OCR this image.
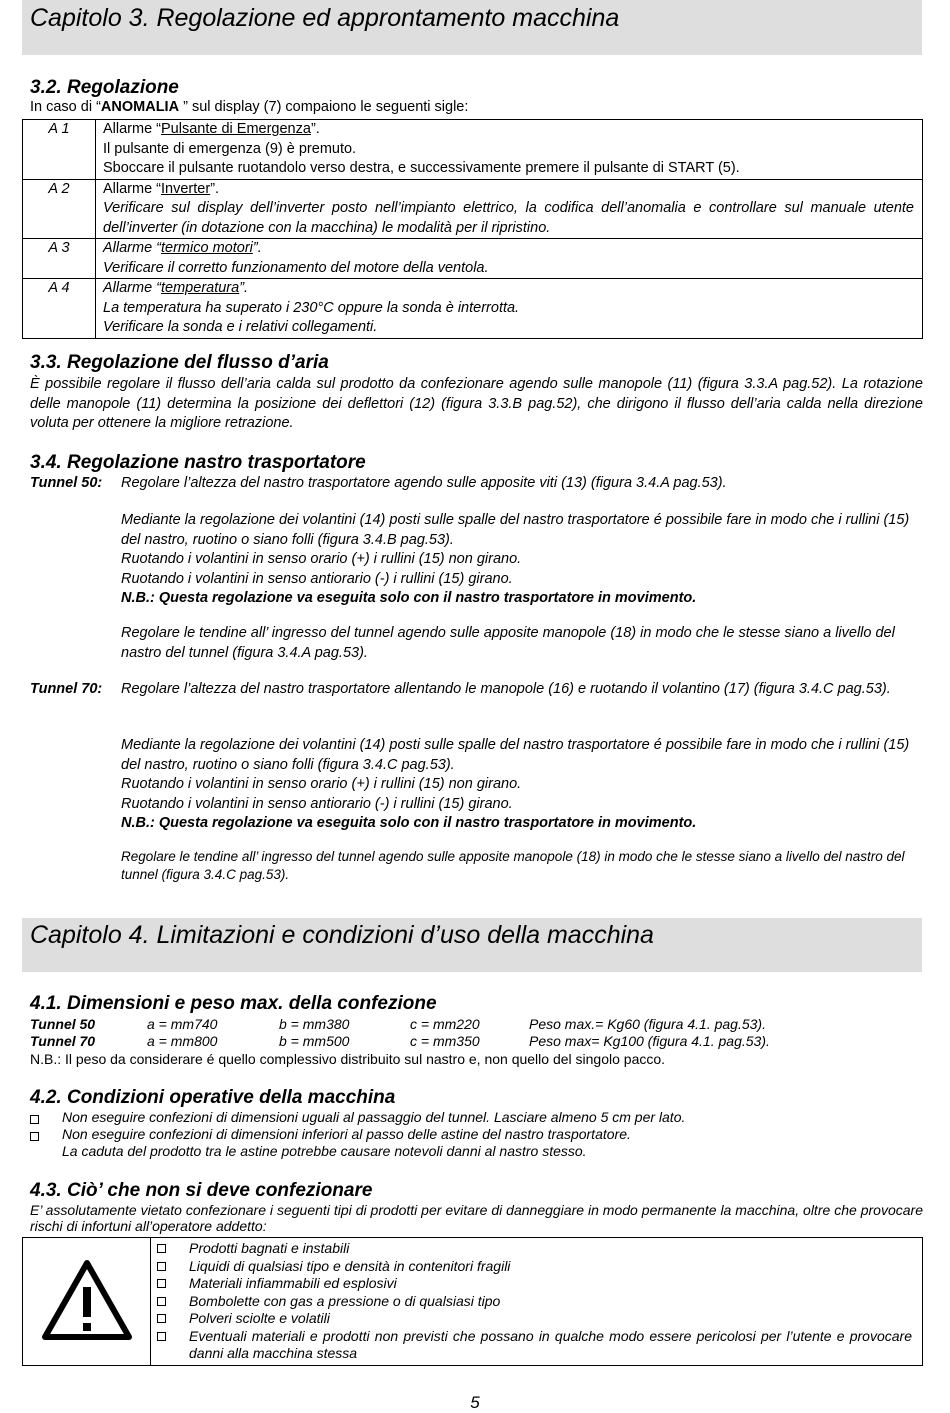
Capitolo 3. Regolazione ed approntamento macchina
3.2. Regolazione
In caso di “ANOMALIA ” sul display (7) compaiono le seguenti sigle:
A 1	Allarme “Pulsante di Emergenza”.
Il pulsante di emergenza (9) è premuto.
Sboccare il pulsante ruotandolo verso destra, e successivamente premere il pulsante di START (5).

A 2	Allarme “Inverter”.
Verificare sul display dell’inverter posto nell’impianto elettrico, la codifica dell’anomalia e controllare sul manuale utente dell’inverter (in dotazione con la macchina) le modalità per il ripristino.

A 3	Allarme “termico motori”.
Verificare il corretto funzionamento del motore della ventola.

A 4	Allarme “temperatura”.
La temperatura ha superato i 230°C oppure la sonda è interrotta.
Verificare la sonda e i relativi collegamenti.
3.3. Regolazione del flusso d’aria
È possibile regolare il flusso dell’aria calda sul prodotto da confezionare agendo sulle manopole (11) (figura 3.3.A pag.52). La rotazione delle manopole (11) determina la posizione dei deflettori (12) (figura 3.3.B pag.52), che dirigono il flusso dell’aria calda nella direzione voluta per ottenere la migliore retrazione.
3.4. Regolazione nastro trasportatore
Tunnel 50: Regolare l’altezza del nastro trasportatore agendo sulle apposite viti (13) (figura 3.4.A pag.53).
Mediante la regolazione dei volantini (14) posti sulle spalle del nastro trasportatore é possibile fare in modo che i rullini (15) del nastro, ruotino o siano folli (figura 3.4.B pag.53).
Ruotando i volantini in senso orario (+) i rullini (15) non girano.
Ruotando i volantini in senso antiorario (-) i rullini (15) girano.
N.B.: Questa regolazione va eseguita solo con il nastro trasportatore in movimento.
Regolare le tendine all’ ingresso del tunnel agendo sulle apposite manopole (18) in modo che le stesse siano a livello del nastro del tunnel (figura 3.4.A pag.53).
Tunnel 70: Regolare l’altezza del nastro trasportatore allentando le manopole (16) e ruotando il volantino (17) (figura 3.4.C pag.53).
Mediante la regolazione dei volantini (14) posti sulle spalle del nastro trasportatore é possibile fare in modo che i rullini (15) del nastro, ruotino o siano folli (figura 3.4.C pag.53).
Ruotando i volantini in senso orario (+) i rullini (15) non girano.
Ruotando i volantini in senso antiorario (-) i rullini (15) girano.
N.B.: Questa regolazione va eseguita solo con il nastro trasportatore in movimento.
Regolare le tendine all’ ingresso del tunnel agendo sulle apposite manopole (18) in modo che le stesse siano a livello del nastro del tunnel (figura 3.4.C pag.53).
Capitolo 4. Limitazioni e condizioni d’uso della macchina
4.1. Dimensioni e peso max. della confezione
Tunnel 50	a = mm740	b = mm380	c = mm220	Peso max.= Kg60 (figura 4.1. pag.53).
Tunnel 70	a = mm800	b = mm500	c = mm350	Peso max= Kg100 (figura 4.1. pag.53).
N.B.: Il peso da considerare é quello complessivo distribuito sul nastro e, non quello del singolo pacco.
4.2. Condizioni operative della macchina
Non eseguire confezioni di dimensioni uguali al passaggio del tunnel. Lasciare almeno 5 cm per lato.
Non eseguire confezioni di dimensioni inferiori al passo delle astine del nastro trasportatore.
La caduta del prodotto tra le astine potrebbe causare notevoli danni al nastro stesso.
4.3. Ciò’ che non si deve confezionare
E’ assolutamente vietato confezionare i seguenti tipi di prodotti per evitare di danneggiare in modo permanente la macchina, oltre che provocare rischi di infortuni all’operatore addetto:

Prodotti bagnati e instabili
Liquidi di qualsiasi tipo e densità in contenitori fragili
Materiali infiammabili ed esplosivi
Bombolette con gas a pressione o di qualsiasi tipo
Polveri sciolte e volatili
Eventuali materiali e prodotti non previsti che possano in qualche modo essere pericolosi per l’utente e provocare danni alla macchina stessa
5
